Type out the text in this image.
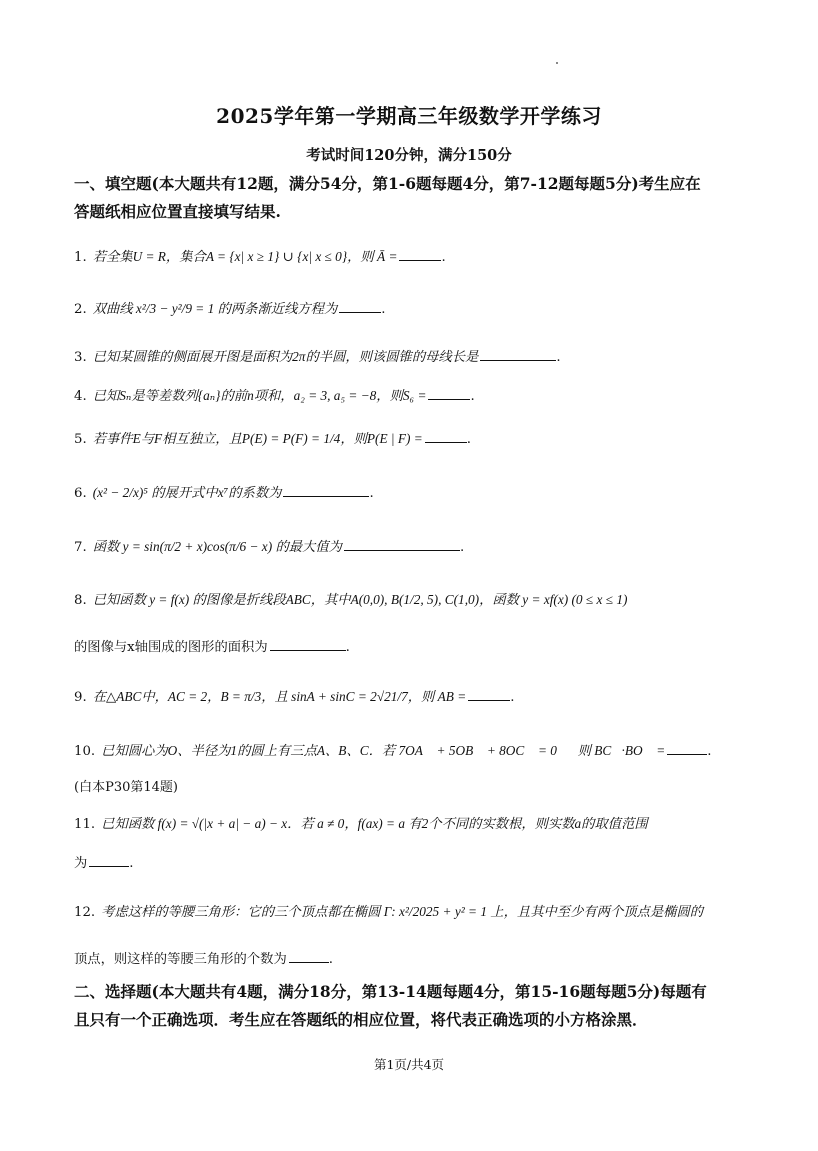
2025学年第一学期高三年级数学开学练习
考试时间120分钟，满分150分
一、填空题(本大题共有12题，满分54分，第1-6题每题4分，第7-12题每题5分)考生应在
答题纸相应位置直接填写结果.
1. 若全集U = R，集合A = {x| x ≥ 1} ∪ {x| x ≤ 0}，则 Ā =	.
2. 双曲线 x²/3 − y²/9 = 1 的两条渐近线方程为	.
3. 已知某圆锥的侧面展开图是面积为2π的半圆，则该圆锥的母线长是	.
4. 已知Sₙ是等差数列{aₙ}的前n项和，a₂ = 3, a₅ = −8，则S₆ =	.
5. 若事件E与F相互独立，且P(E) = P(F) = 1/4，则P(E | F) =	.
6. (x² − 2/x)⁵ 的展开式中x⁷的系数为	.
7. 函数 y = sin(π/2 + x)cos(π/6 − x) 的最大值为	.
8. 已知函数 y = f(x) 的图像是折线段ABC，其中A(0,0), B(1/2, 5), C(1,0)，函数 y = xf(x) (0 ≤ x ≤ 1)
的图像与x轴围成的图形的面积为	.
9. 在△ABC中，AC = 2，B = π/3，且 sinA + sinC = 2√21/7，则 AB =	.
10. 已知圆心为O、半径为1的圆上有三点A、B、C．若 7OA⃗ + 5OB⃗ + 8OC⃗ = 0⃗，则 BC⃗·BO⃗ =	.
(白本P30第14题)
11. 已知函数 f(x) = √(|x + a| − a) − x．若 a ≠ 0，f(ax) = a 有2个不同的实数根，则实数a的取值范围
为	.
12. 考虑这样的等腰三角形：它的三个顶点都在椭圆 Γ: x²/2025 + y² = 1 上，且其中至少有两个顶点是椭圆的
顶点，则这样的等腰三角形的个数为	.
二、选择题(本大题共有4题，满分18分，第13-14题每题4分，第15-16题每题5分)每题有
且只有一个正确选项．考生应在答题纸的相应位置，将代表正确选项的小方格涂黑．
第1页/共4页
